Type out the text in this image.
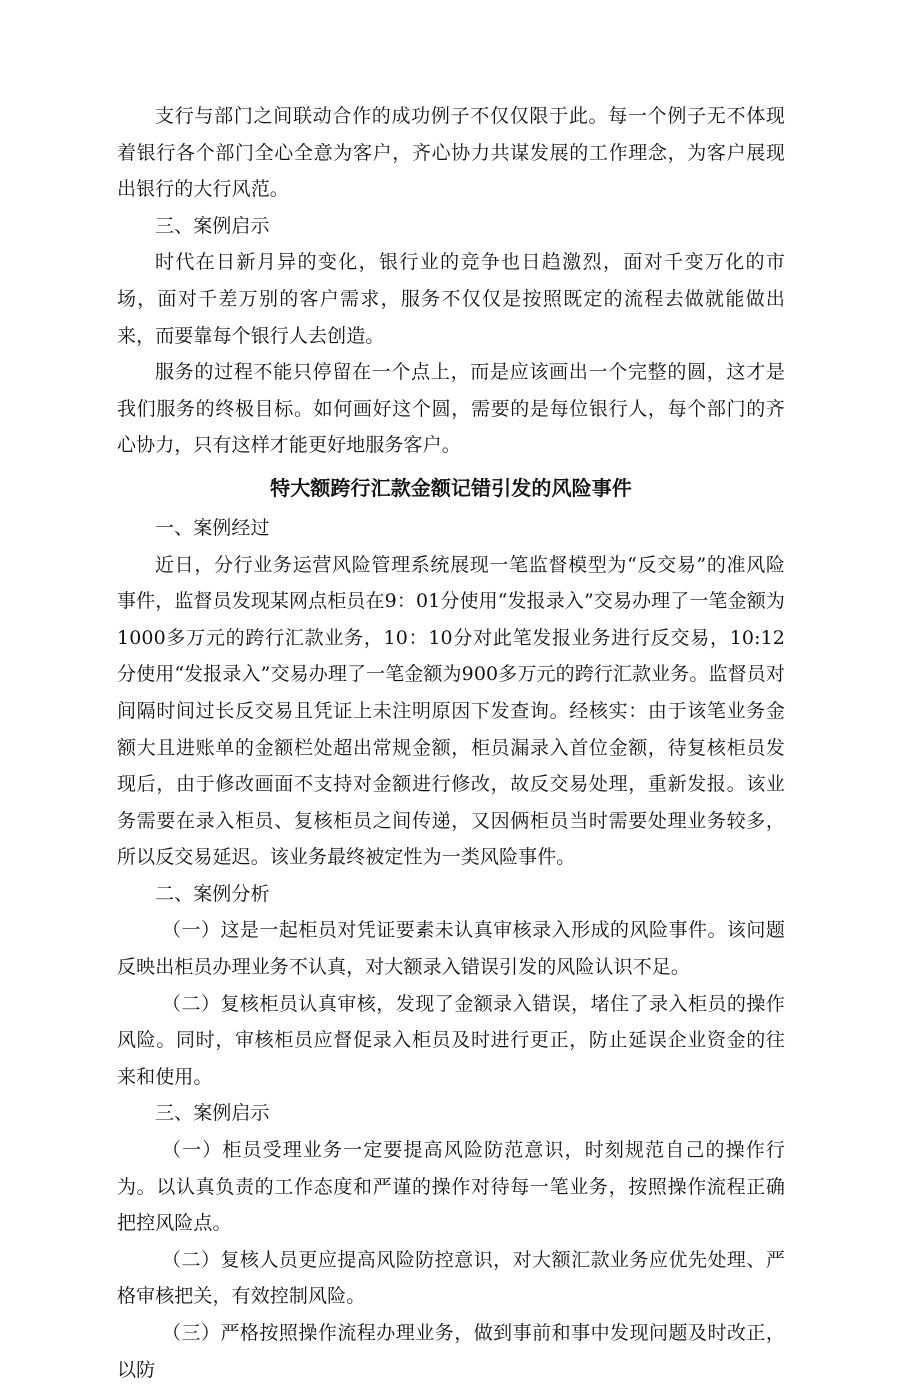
支行与部门之间联动合作的成功例子不仅仅限于此。每一个例子无不体现着银行各个部门全心全意为客户，齐心协力共谋发展的工作理念，为客户展现出银行的大行风范。

三、案例启示

时代在日新月异的变化，银行业的竞争也日趋激烈，面对千变万化的市场，面对千差万别的客户需求，服务不仅仅是按照既定的流程去做就能做出来，而要靠每个银行人去创造。

服务的过程不能只停留在一个点上，而是应该画出一个完整的圆，这才是我们服务的终极目标。如何画好这个圆，需要的是每位银行人，每个部门的齐心协力，只有这样才能更好地服务客户。

特大额跨行汇款金额记错引发的风险事件

一、案例经过

近日，分行业务运营风险管理系统展现一笔监督模型为“反交易”的准风险事件，监督员发现某网点柜员在9：01分使用“发报录入”交易办理了一笔金额为1000多万元的跨行汇款业务，10：10分对此笔发报业务进行反交易，10:12分使用“发报录入”交易办理了一笔金额为900多万元的跨行汇款业务。监督员对间隔时间过长反交易且凭证上未注明原因下发查询。经核实：由于该笔业务金额大且进账单的金额栏处超出常规金额，柜员漏录入首位金额，待复核柜员发现后，由于修改画面不支持对金额进行修改，故反交易处理，重新发报。该业务需要在录入柜员、复核柜员之间传递，又因俩柜员当时需要处理业务较多，所以反交易延迟。该业务最终被定性为一类风险事件。

二、案例分析

（一）这是一起柜员对凭证要素未认真审核录入形成的风险事件。该问题反映出柜员办理业务不认真，对大额录入错误引发的风险认识不足。

（二）复核柜员认真审核，发现了金额录入错误，堵住了录入柜员的操作风险。同时，审核柜员应督促录入柜员及时进行更正，防止延误企业资金的往来和使用。

三、案例启示

（一）柜员受理业务一定要提高风险防范意识，时刻规范自己的操作行为。以认真负责的工作态度和严谨的操作对待每一笔业务，按照操作流程正确把控风险点。

（二）复核人员更应提高风险防控意识，对大额汇款业务应优先处理、严格审核把关，有效控制风险。

（三）严格按照操作流程办理业务，做到事前和事中发现问题及时改正，以防
